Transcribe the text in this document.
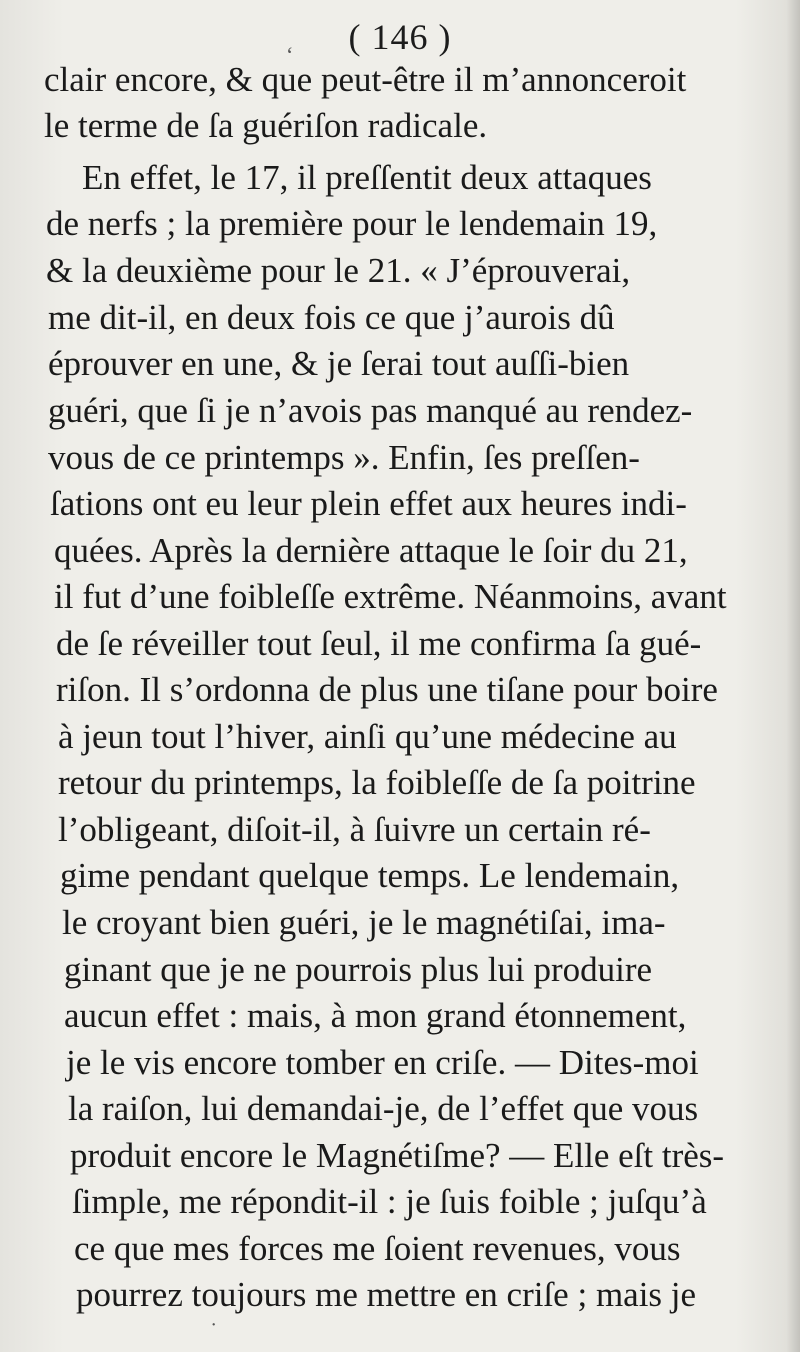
( 146 )
clair encore, & que peut-être il m’annonceroit
le terme de ſa guériſon radicale.
En effet, le 17, il preſſentit deux attaques
de nerfs ; la première pour le lendemain 19,
& la deuxième pour le 21. « J’éprouverai,
me dit-il, en deux fois ce que j’aurois dû
éprouver en une, & je ſerai tout auſſi-bien
guéri, que ſi je n’avois pas manqué au rendez-
vous de ce printemps ». Enfin, ſes preſſen-
ſations ont eu leur plein effet aux heures indi-
quées. Après la dernière attaque le ſoir du 21,
il fut d’une foibleſſe extrême. Néanmoins, avant
de ſe réveiller tout ſeul, il me confirma ſa gué-
riſon. Il s’ordonna de plus une tiſane pour boire
à jeun tout l’hiver, ainſi qu’une médecine au
retour du printemps, la foibleſſe de ſa poitrine
l’obligeant, diſoit-il, à ſuivre un certain ré-
gime pendant quelque temps. Le lendemain,
le croyant bien guéri, je le magnétiſai, ima-
ginant que je ne pourrois plus lui produire
aucun effet : mais, à mon grand étonnement,
je le vis encore tomber en criſe. — Dites-moi
la raiſon, lui demandai-je, de l’effet que vous
produit encore le Magnétiſme? — Elle eſt très-
ſimple, me répondit-il : je ſuis foible ; juſqu’à
ce que mes forces me ſoient revenues, vous
pourrez toujours me mettre en criſe ; mais je
ʻ
˙
